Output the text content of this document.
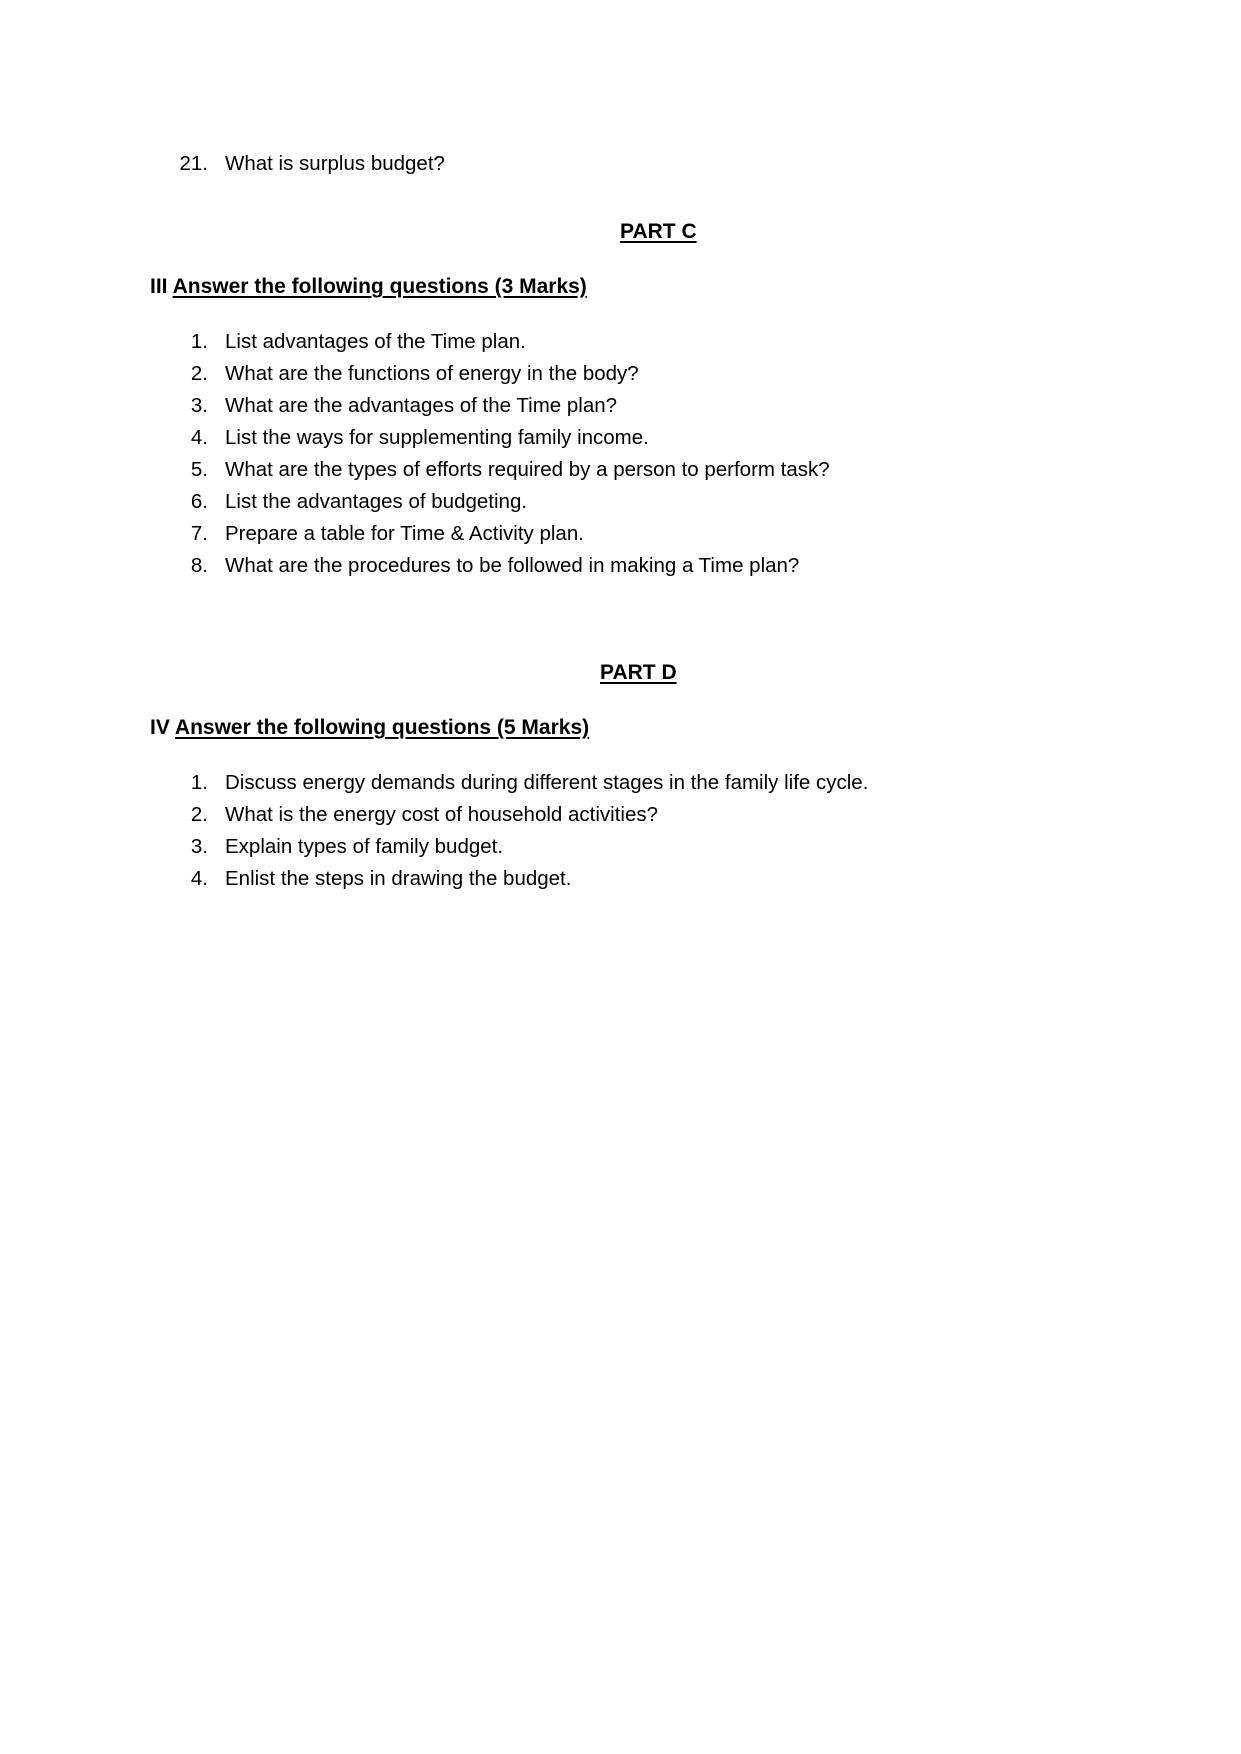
21. What is surplus budget?
PART C
III Answer the following questions (3 Marks)
1. List advantages of the Time plan.
2. What are the functions of energy in the body?
3. What are the advantages of the Time plan?
4. List the ways for supplementing family income.
5. What are the types of efforts required by a person to perform task?
6. List the advantages of budgeting.
7. Prepare a table for Time & Activity plan.
8. What are the procedures to be followed in making a Time plan?
PART D
IV Answer the following questions (5 Marks)
1. Discuss energy demands during different stages in the family life cycle.
2. What is the energy cost of household activities?
3. Explain types of family budget.
4. Enlist the steps in drawing the budget.
